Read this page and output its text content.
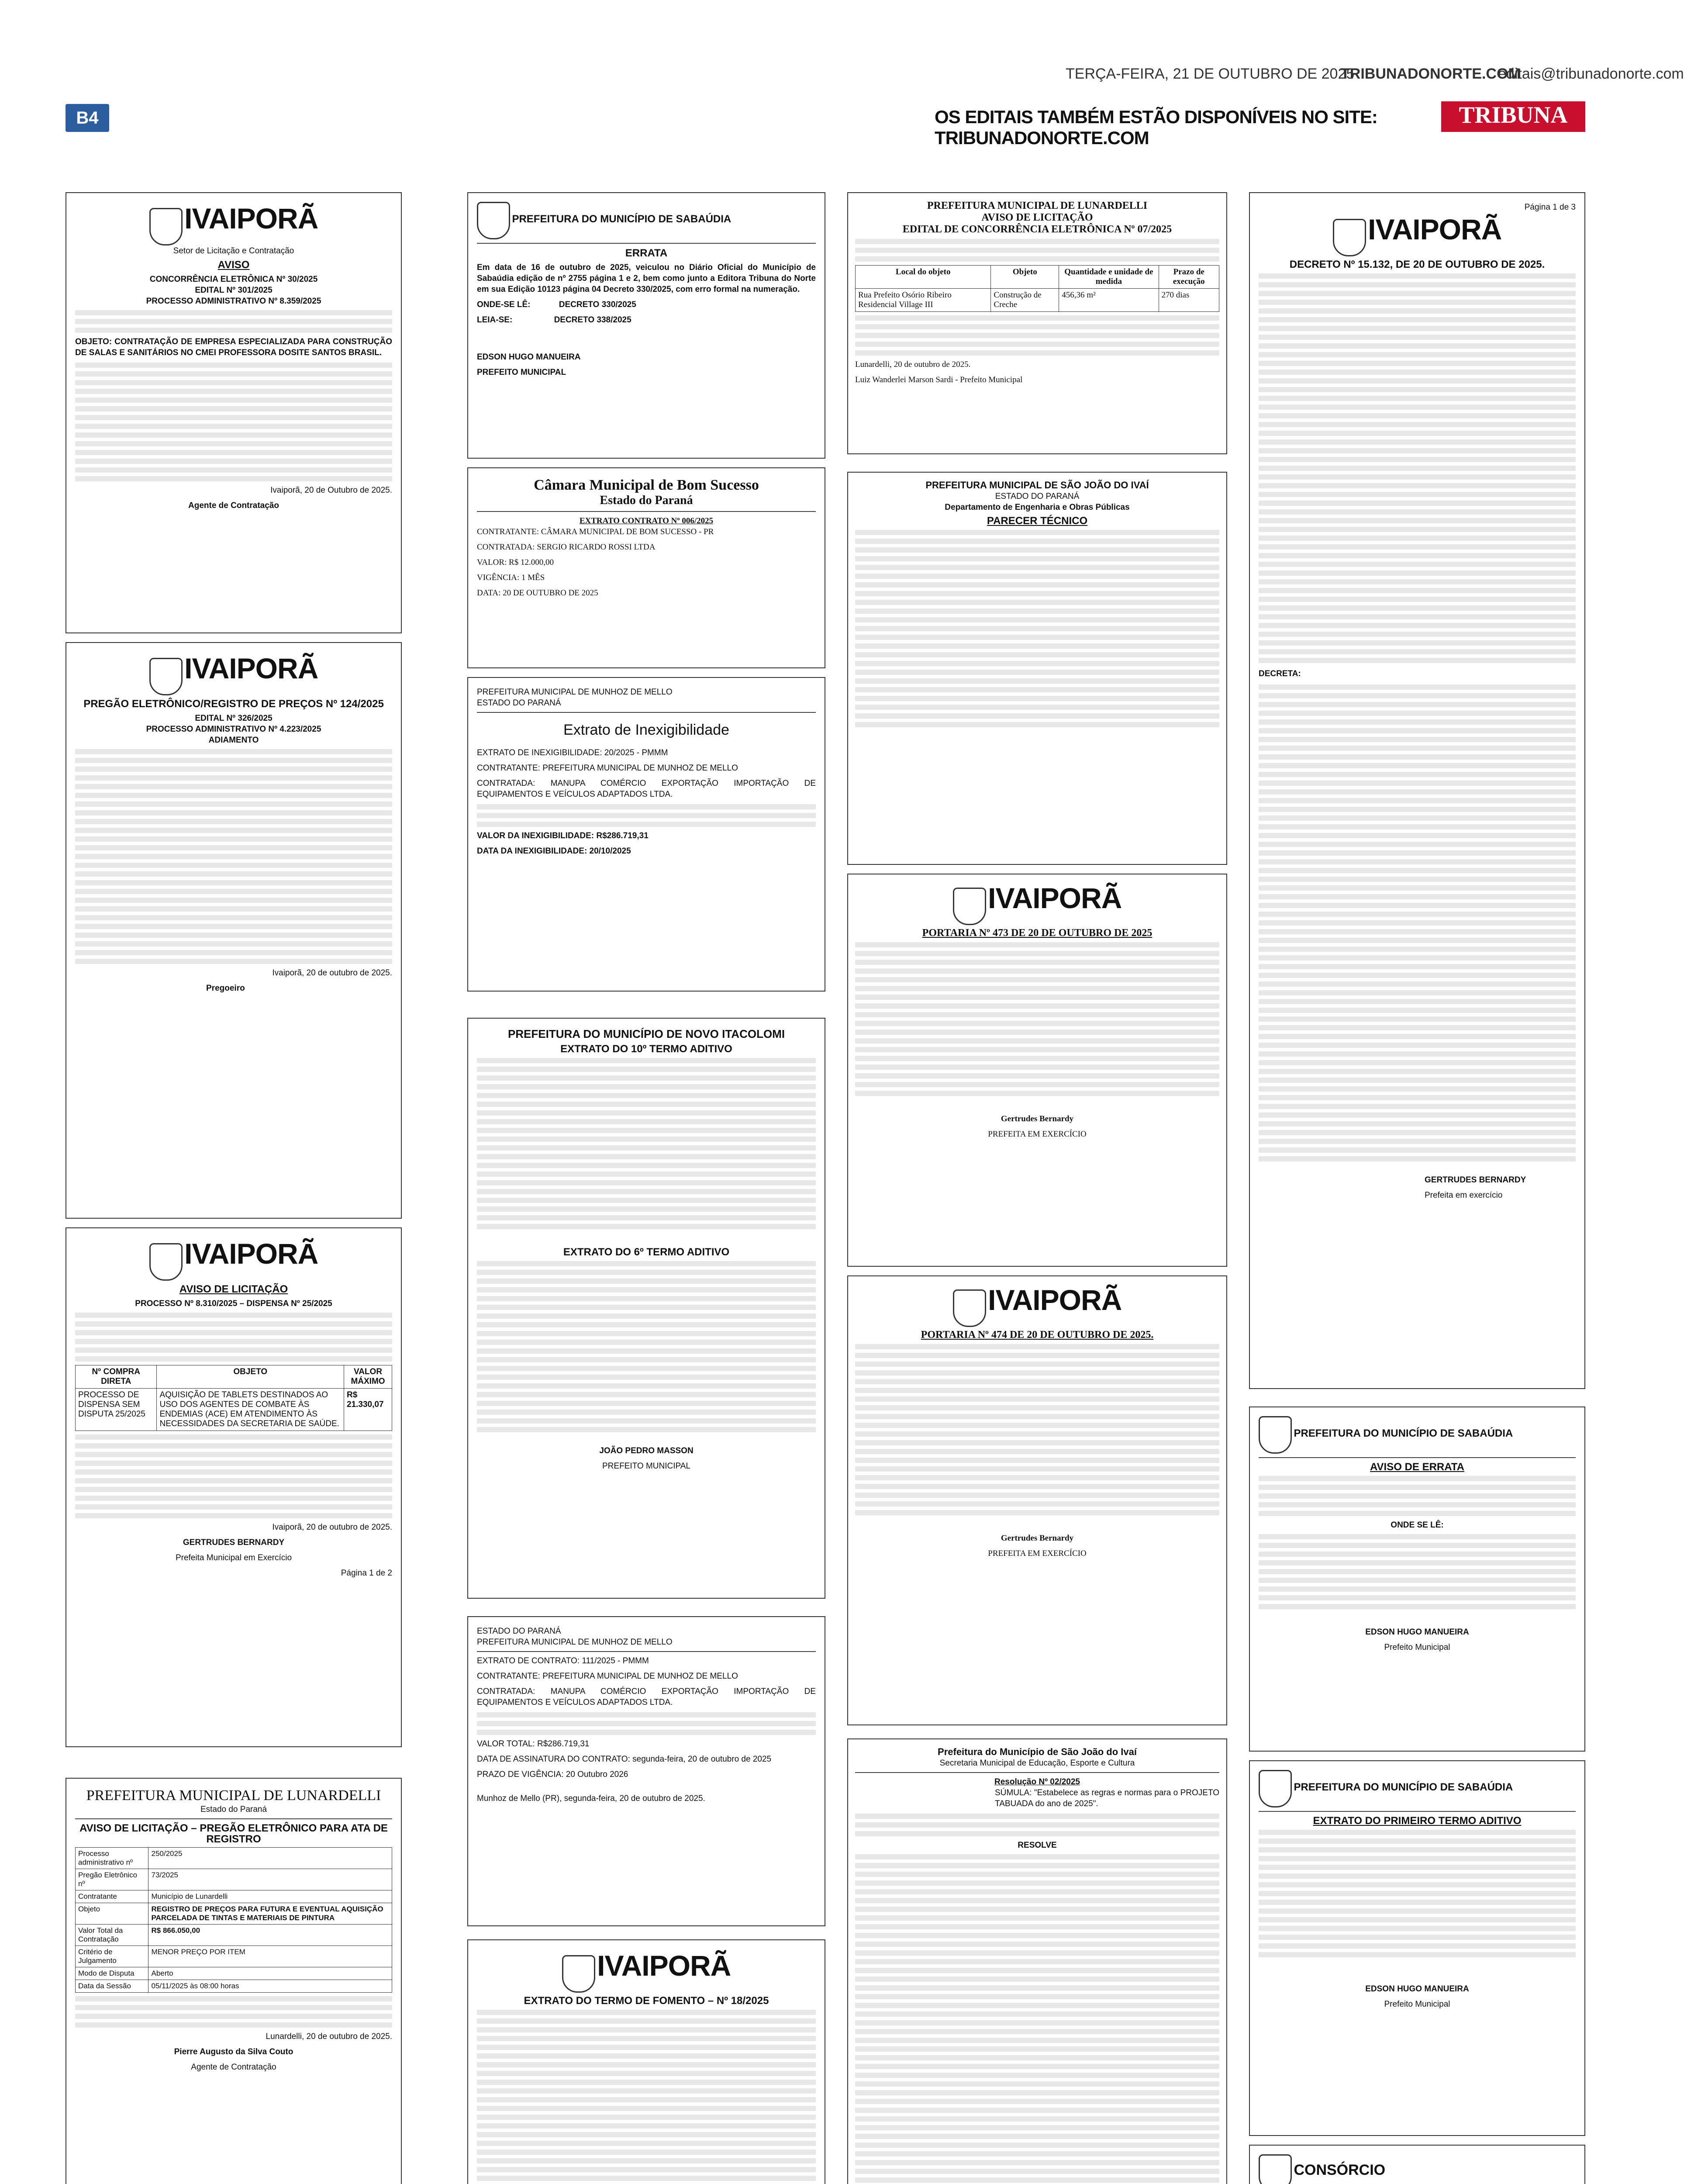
TERÇA-FEIRA, 21 DE OUTUBRO DE 2025
TRIBUNADONORTE.COM
editais@tribunadonorte.com
B4	OS EDITAIS TAMBÉM ESTÃO DISPONÍVEIS NO SITE: TRIBUNADONORTE.COM
TRIBUNA
IVAIPORÃ
Setor de Licitação e Contratação
AVISO
CONCORRÊNCIA ELETRÔNICA Nº 30/2025
EDITAL Nº 301/2025
PROCESSO ADMINISTRATIVO Nº 8.359/2025

OBJETO: CONTRATAÇÃO DE EMPRESA ESPECIALIZADA PARA CONSTRUÇÃO DE SALAS E SANITÁRIOS NO CMEI PROFESSORA DOSITE SANTOS BRASIL.

Ivaiporã, 20 de Outubro de 2025.

Agente de Contratação

IVAIPORÃ
PREGÃO ELETRÔNICO/REGISTRO DE PREÇOS Nº 124/2025
EDITAL Nº 326/2025
PROCESSO ADMINISTRATIVO Nº 4.223/2025
ADIAMENTO

Ivaiporã, 20 de outubro de 2025.

Pregoeiro

IVAIPORÃ
AVISO DE LICITAÇÃO
PROCESSO Nº 8.310/2025 – DISPENSA Nº 25/2025
Nº COMPRA DIRETA	OBJETO	VALOR MÁXIMO
PROCESSO DE DISPENSA SEM DISPUTA 25/2025	AQUISIÇÃO DE TABLETS DESTINADOS AO USO DOS AGENTES DE COMBATE ÀS ENDEMIAS (ACE) EM ATENDIMENTO ÀS NECESSIDADES DA SECRETARIA DE SAÚDE.	R$ 21.330,07

Ivaiporã, 20 de outubro de 2025.

GERTRUDES BERNARDY

Prefeita Municipal em Exercício

Página 1 de 2

PREFEITURA MUNICIPAL DE LUNARDELLI
Estado do Paraná
AVISO DE LICITAÇÃO – PREGÃO ELETRÔNICO PARA ATA DE REGISTRO
Processo administrativo nº	250/2025
Pregão Eletrônico nº	73/2025
Contratante	Município de Lunardelli
Objeto	REGISTRO DE PREÇOS PARA FUTURA E EVENTUAL AQUISIÇÃO PARCELADA DE TINTAS E MATERIAIS DE PINTURA
Valor Total da Contratação	R$ 866.050,00
Critério de Julgamento	MENOR PREÇO POR ITEM
Modo de Disputa	Aberto
Data da Sessão	05/11/2025 às 08:00 horas

Lunardelli, 20 de outubro de 2025.

Pierre Augusto da Silva Couto

Agente de Contratação

PREFEITURA DO MUNICÍPIO DE SABAÚDIA
ERRATA

Em data de 16 de outubro de 2025, veiculou no Diário Oficial do Município de Sabaúdia edição de nº 2755 página 1 e 2, bem como junto a Editora Tribuna do Norte em sua Edição 10123 página 04 Decreto 330/2025, com erro formal na numeração.

ONDE-SE LÊ:	DECRETO 330/2025

LEIA-SE:	DECRETO 338/2025

EDSON HUGO MANUEIRA

PREFEITO MUNICIPAL

Câmara Municipal de Bom Sucesso
Estado do Paraná
EXTRATO CONTRATO Nº 006/2025

CONTRATANTE: CÂMARA MUNICIPAL DE BOM SUCESSO - PR

CONTRATADA: SERGIO RICARDO ROSSI LTDA

VALOR: R$ 12.000,00

VIGÊNCIA: 1 MÊS

DATA: 20 DE OUTUBRO DE 2025

PREFEITURA MUNICIPAL DE MUNHOZ DE MELLO
ESTADO DO PARANÁ
Extrato de Inexigibilidade

EXTRATO DE INEXIGIBILIDADE: 20/2025 - PMMM

CONTRATANTE: PREFEITURA MUNICIPAL DE MUNHOZ DE MELLO

CONTRATADA: MANUPA COMÉRCIO EXPORTAÇÃO IMPORTAÇÃO DE EQUIPAMENTOS E VEÍCULOS ADAPTADOS LTDA.

VALOR DA INEXIGIBILIDADE: R$286.719,31

DATA DA INEXIGIBILIDADE: 20/10/2025

PREFEITURA DO MUNICÍPIO DE NOVO ITACOLOMI
EXTRATO DO 10º TERMO ADITIVO
EXTRATO DO 6º TERMO ADITIVO

JOÃO PEDRO MASSON

PREFEITO MUNICIPAL

ESTADO DO PARANÁ
PREFEITURA MUNICIPAL DE MUNHOZ DE MELLO

EXTRATO DE CONTRATO: 111/2025 - PMMM

CONTRATANTE: PREFEITURA MUNICIPAL DE MUNHOZ DE MELLO

CONTRATADA: MANUPA COMÉRCIO EXPORTAÇÃO IMPORTAÇÃO DE EQUIPAMENTOS E VEÍCULOS ADAPTADOS LTDA.

VALOR TOTAL: R$286.719,31

DATA DE ASSINATURA DO CONTRATO: segunda-feira, 20 de outubro de 2025

PRAZO DE VIGÊNCIA: 20 Outubro 2026

Munhoz de Mello (PR), segunda-feira, 20 de outubro de 2025.

IVAIPORÃ
EXTRATO DO TERMO DE FOMENTO – Nº 18/2025
PREFEITURA MUNICIPAL DE LUNARDELLI
AVISO DE LICITAÇÃO
EDITAL DE CONCORRÊNCIA ELETRÔNICA Nº 07/2025
Local do objeto	Objeto	Quantidade e unidade de medida	Prazo de execução
Rua Prefeito Osório Ribeiro Residencial Village III	Construção de Creche	456,36 m²	270 dias

Lunardelli, 20 de outubro de 2025.

Luiz Wanderlei Marson Sardi - Prefeito Municipal

PREFEITURA MUNICIPAL DE SÃO JOÃO DO IVAÍ
ESTADO DO PARANÁ
Departamento de Engenharia e Obras Públicas
PARECER TÉCNICO
IVAIPORÃ
PORTARIA Nº 473 DE 20 DE OUTUBRO DE 2025

Gertrudes Bernardy

PREFEITA EM EXERCÍCIO

IVAIPORÃ
PORTARIA Nº 474 DE 20 DE OUTUBRO DE 2025.

Gertrudes Bernardy

PREFEITA EM EXERCÍCIO

Prefeitura do Município de São João do Ivaí
Secretaria Municipal de Educação, Esporte e Cultura
Resolução Nº 02/2025

SÚMULA: "Estabelece as regras e normas para o PROJETO TABUADA do ano de 2025".

RESOLVE

Página 1 de 3
IVAIPORÃ
DECRETO Nº 15.132, DE 20 DE OUTUBRO DE 2025.
DECRETA:

GERTRUDES BERNARDY

Prefeita em exercício

PREFEITURA DO MUNICÍPIO DE SABAÚDIA
AVISO DE ERRATA
ONDE SE LÊ:

EDSON HUGO MANUEIRA

Prefeito Municipal

PREFEITURA DO MUNICÍPIO DE SABAÚDIA
EXTRATO DO PRIMEIRO TERMO ADITIVO

EDSON HUGO MANUEIRA

Prefeito Municipal

CONSÓRCIO
